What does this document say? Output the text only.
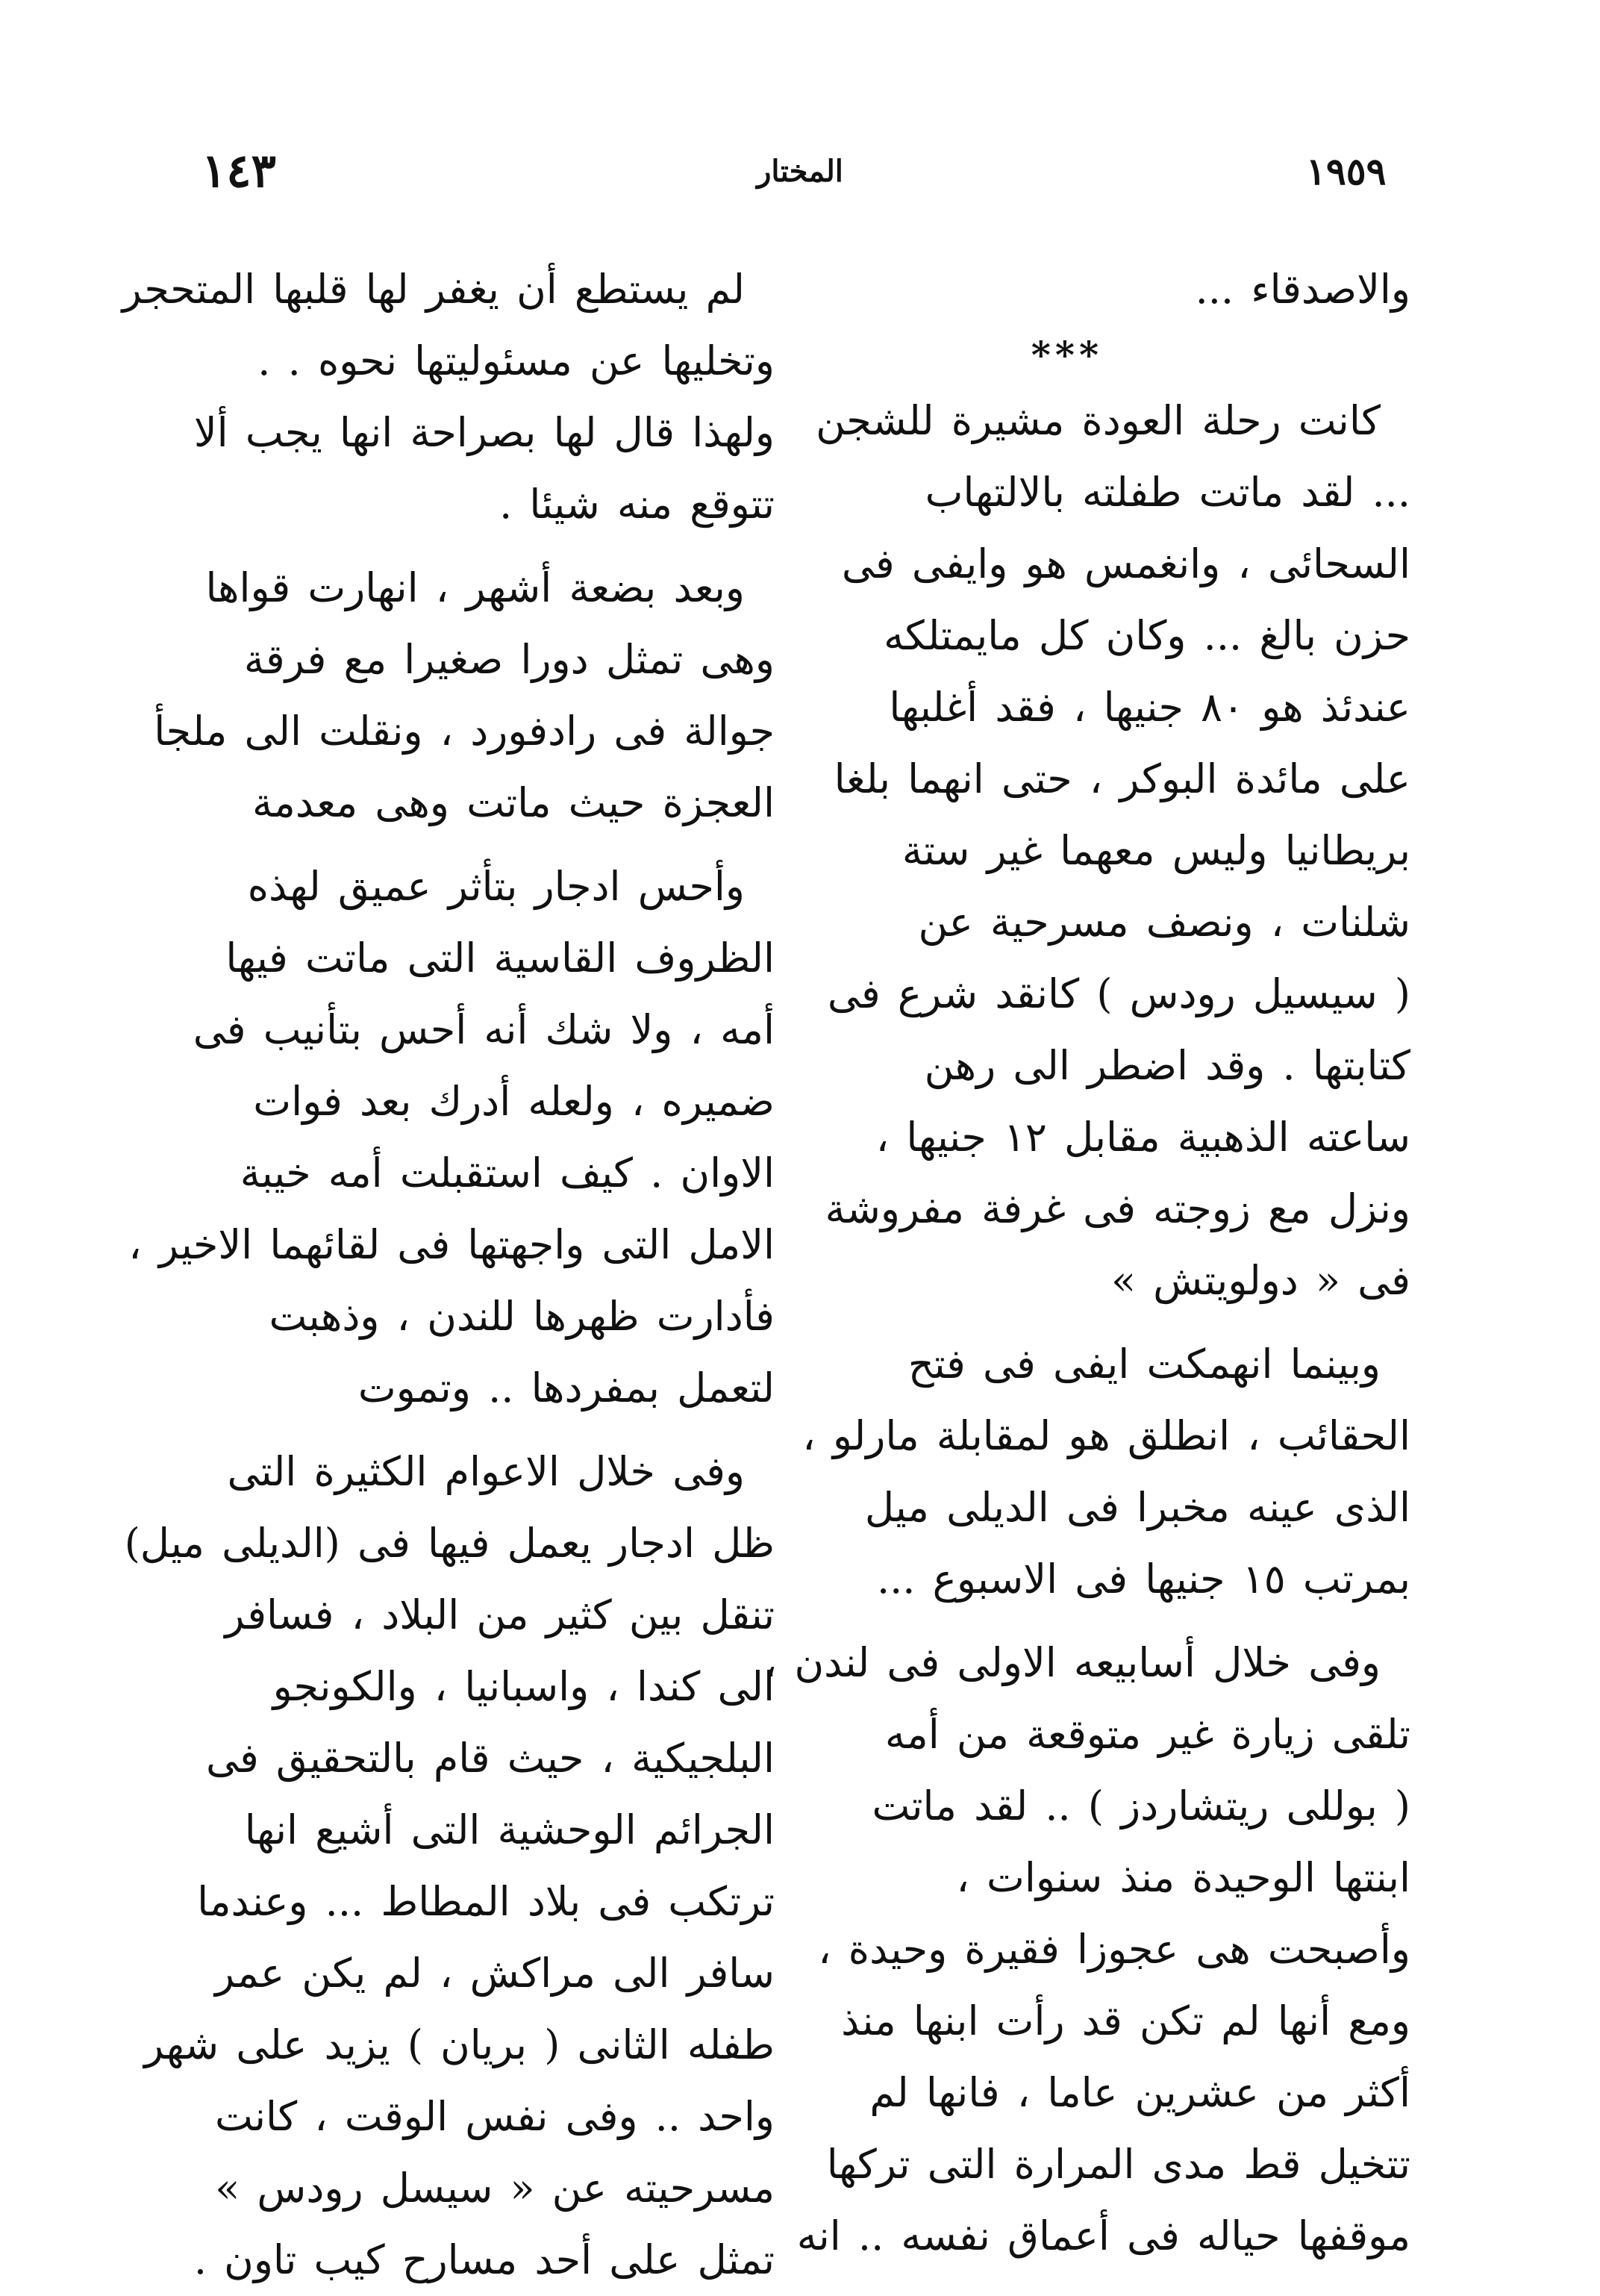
١٤٣	المختار	١٩٥٩
والاصدقاء ...
***
كانت رحلة العودة مشيرة للشجن
... لقد ماتت طفلته بالالتهاب
السحائى ، وانغمس هو وايفى فى
حزن بالغ ... وكان كل مايمتلكه
عندئذ هو ٨٠ جنيها ، فقد أغلبها
على مائدة البوكر ، حتى انهما بلغا
بريطانيا وليس معهما غير ستة
شلنات ، ونصف مسرحية عن
( سيسيل رودس ) كانقد شرع فى
كتابتها . وقد اضطر الى رهن
ساعته الذهبية مقابل ١٢ جنيها ،
ونزل مع زوجته فى غرفة مفروشة
فى « دولويتش »
وبينما انهمكت ايفى فى فتح
الحقائب ، انطلق هو لمقابلة مارلو ،
الذى عينه مخبرا فى الديلى ميل
بمرتب ١٥ جنيها فى الاسبوع ...
وفى خلال أسابيعه الاولى فى لندن ،
تلقى زيارة غير متوقعة من أمه
( بوللى ريتشاردز ) .. لقد ماتت
ابنتها الوحيدة منذ سنوات ،
وأصبحت هى عجوزا فقيرة وحيدة ،
ومع أنها لم تكن قد رأت ابنها منذ
أكثر من عشرين عاما ، فانها لم
تتخيل قط مدى المرارة التى تركها
موقفها حياله فى أعماق نفسه .. انه
لم يستطع أن يغفر لها قلبها المتحجر
وتخليها عن مسئوليتها نحوه . .
ولهذا قال لها بصراحة انها يجب ألا
تتوقع منه شيئا .
وبعد بضعة أشهر ، انهارت قواها
وهى تمثل دورا صغيرا مع فرقة
جوالة فى رادفورد ، ونقلت الى ملجأ
العجزة حيث ماتت وهى معدمة
وأحس ادجار بتأثر عميق لهذه
الظروف القاسية التى ماتت فيها
أمه ، ولا شك أنه أحس بتأنيب فى
ضميره ، ولعله أدرك بعد فوات
الاوان . كيف استقبلت أمه خيبة
الامل التى واجهتها فى لقائهما الاخير ،
فأدارت ظهرها للندن ، وذهبت
لتعمل بمفردها .. وتموت
وفى خلال الاعوام الكثيرة التى
ظل ادجار يعمل فيها فى (الديلى ميل)
تنقل بين كثير من البلاد ، فسافر
الى كندا ، واسبانيا ، والكونجو
البلجيكية ، حيث قام بالتحقيق فى
الجرائم الوحشية التى أشيع انها
ترتكب فى بلاد المطاط ... وعندما
سافر الى مراكش ، لم يكن عمر
طفله الثانى ( بريان ) يزيد على شهر
واحد .. وفى نفس الوقت ، كانت
مسرحيته عن « سيسل رودس »
تمثل على أحد مسارح كيب تاون .
